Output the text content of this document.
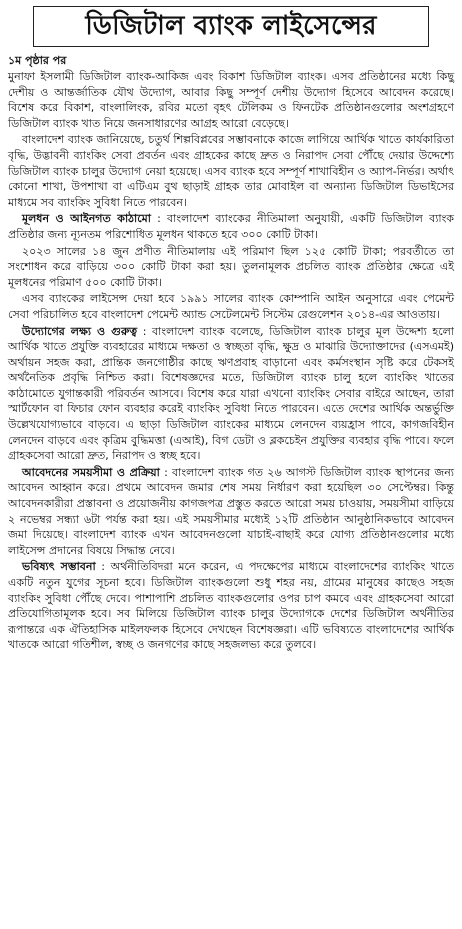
ডিজিটাল ব্যাংক লাইসেন্সের
১ম পৃষ্ঠার পর

মুনাফা ইসলামী ডিজিটাল ব্যাংক-আকিজ এবং বিকাশ ডিজিটাল ব্যাংক। এসব প্রতিষ্ঠানের মধ্যে কিছু দেশীয় ও আন্তর্জাতিক যৌথ উদ্যোগ, আবার কিছু সম্পূর্ণ দেশীয় উদ্যোগ হিসেবে আবেদন করেছে। বিশেষ করে বিকাশ, বাংলালিংক, রবির মতো বৃহৎ টেলিকম ও ফিনটেক প্রতিষ্ঠানগুলোর অংশগ্রহণে ডিজিটাল ব্যাংক খাত নিয়ে জনসাধারণের আগ্রহ আরো বেড়েছে।

বাংলাদেশ ব্যাংক জানিয়েছে, চতুর্থ শিল্পবিপ্লবের সম্ভাবনাকে কাজে লাগিয়ে আর্থিক খাতে কার্যকারিতা বৃদ্ধি, উদ্ভাবনী ব্যাংকিং সেবা প্রবর্তন এবং গ্রাহকের কাছে দ্রুত ও নিরাপদ সেবা পৌঁছে দেয়ার উদ্দেশ্যে ডিজিটাল ব্যাংক চালুর উদ্যোগ নেয়া হয়েছে। এসব ব্যাংক হবে সম্পূর্ণ শাখাবিহীন ও অ্যাপ-নির্ভর। অর্থাৎ কোনো শাখা, উপশাখা বা এটিএম বুথ ছাড়াই গ্রাহক তার মোবাইল বা অন্যান্য ডিজিটাল ডিভাইসের মাধ্যমে সব ব্যাংকিং সুবিধা নিতে পারবেন।

মূলধন ও আইনগত কাঠামো : বাংলাদেশ ব্যাংকের নীতিমালা অনুযায়ী, একটি ডিজিটাল ব্যাংক প্রতিষ্ঠার জন্য ন্যূনতম পরিশোধিত মূলধন থাকতে হবে ৩০০ কোটি টাকা।

২০২৩ সালের ১৪ জুন প্রণীত নীতিমালায় এই পরিমাণ ছিল ১২৫ কোটি টাকা; পরবর্তীতে তা সংশোধন করে বাড়িয়ে ৩০০ কোটি টাকা করা হয়। তুলনামূলক প্রচলিত ব্যাংক প্রতিষ্ঠার ক্ষেত্রে এই মূলধনের পরিমাণ ৫০০ কোটি টাকা।

এসব ব্যাংকের লাইসেন্স দেয়া হবে ১৯৯১ সালের ব্যাংক কোম্পানি আইন অনুসারে এবং পেমেন্ট সেবা পরিচালিত হবে বাংলাদেশ পেমেন্ট অ্যান্ড সেটেলমেন্ট সিস্টেম রেগুলেশন ২০১৪-এর আওতায়।

উদ্যোগের লক্ষ্য ও গুরুত্ব : বাংলাদেশ ব্যাংক বলেছে, ডিজিটাল ব্যাংক চালুর মূল উদ্দেশ্য হলো আর্থিক খাতে প্রযুক্তি ব্যবহারের মাধ্যমে দক্ষতা ও স্বচ্ছতা বৃদ্ধি, ক্ষুদ্র ও মাঝারি উদ্যোক্তাদের (এসএমই) অর্থায়ন সহজ করা, প্রান্তিক জনগোষ্ঠীর কাছে ঋণপ্রবাহ বাড়ানো এবং কর্মসংস্থান সৃষ্টি করে টেকসই অর্থনৈতিক প্রবৃদ্ধি নিশ্চিত করা। বিশেষজ্ঞদের মতে, ডিজিটাল ব্যাংক চালু হলে ব্যাংকিং খাতের কাঠামোতে যুগান্তকারী পরিবর্তন আসবে। বিশেষ করে যারা এখনো ব্যাংকিং সেবার বাইরে আছেন, তারা স্মার্টফোন বা ফিচার ফোন ব্যবহার করেই ব্যাংকিং সুবিধা নিতে পারবেন। এতে দেশের আর্থিক অন্তর্ভুক্তি উল্লেখযোগ্যভাবে বাড়বে। এ ছাড়া ডিজিটাল ব্যাংকের মাধ্যমে লেনদেন ব্যয়হ্রাস পাবে, কাগজবিহীন লেনদেন বাড়বে এবং কৃত্রিম বুদ্ধিমত্তা (এআই), বিগ ডেটা ও ব্লকচেইন প্রযুক্তির ব্যবহার বৃদ্ধি পাবে। ফলে গ্রাহকসেবা আরো দ্রুত, নিরাপদ ও স্বচ্ছ হবে।

আবেদনের সময়সীমা ও প্রক্রিয়া : বাংলাদেশ ব্যাংক গত ২৬ আগস্ট ডিজিটাল ব্যাংক স্থাপনের জন্য আবেদন আহ্বান করে। প্রথমে আবেদন জমার শেষ সময় নির্ধারণ করা হয়েছিল ৩০ সেপ্টেম্বর। কিন্তু আবেদনকারীরা প্রস্তাবনা ও প্রয়োজনীয় কাগজপত্র প্রস্তুত করতে আরো সময় চাওয়ায়, সময়সীমা বাড়িয়ে ২ নভেম্বর সন্ধ্যা ৬টা পর্যন্ত করা হয়। এই সময়সীমার মধ্যেই ১২টি প্রতিষ্ঠান আনুষ্ঠানিকভাবে আবেদন জমা দিয়েছে। বাংলাদেশ ব্যাংক এখন আবেদনগুলো যাচাই-বাছাই করে যোগ্য প্রতিষ্ঠানগুলোর মধ্যে লাইসেন্স প্রদানের বিষয়ে সিদ্ধান্ত নেবে।

ভবিষ্যৎ সম্ভাবনা : অর্থনীতিবিদরা মনে করেন, এ পদক্ষেপের মাধ্যমে বাংলাদেশের ব্যাংকিং খাতে একটি নতুন যুগের সূচনা হবে। ডিজিটাল ব্যাংকগুলো শুধু শহর নয়, গ্রামের মানুষের কাছেও সহজ ব্যাংকিং সুবিধা পৌঁছে দেবে। পাশাপাশি প্রচলিত ব্যাংকগুলোর ওপর চাপ কমবে এবং গ্রাহকসেবা আরো প্রতিযোগিতামূলক হবে। সব মিলিয়ে ডিজিটাল ব্যাংক চালুর উদ্যোগকে দেশের ডিজিটাল অর্থনীতির রূপান্তরে এক ঐতিহাসিক মাইলফলক হিসেবে দেখছেন বিশেষজ্ঞরা। এটি ভবিষ্যতে বাংলাদেশের আর্থিক খাতকে আরো গতিশীল, স্বচ্ছ ও জনগণের কাছে সহজলভ্য করে তুলবে।
